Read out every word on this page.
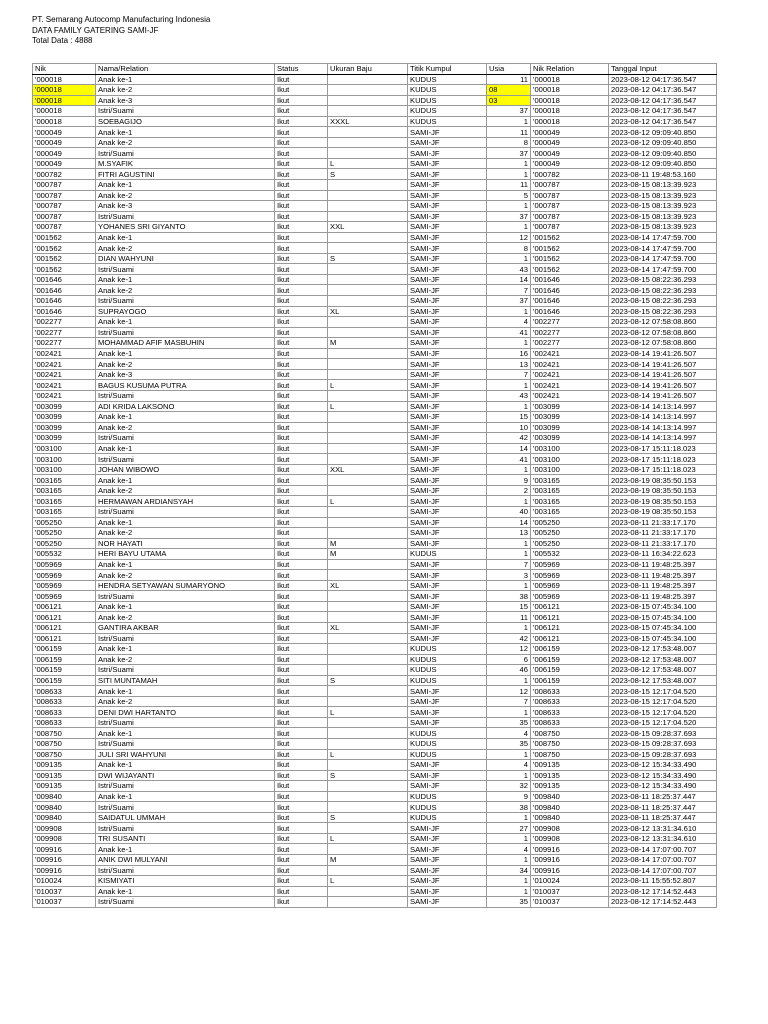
PT. Semarang Autocomp Manufacturing Indonesia
DATA FAMILY GATERING SAMI-JF
Total Data : 4888
Nik	Nama/Relation	Status	Ukuran Baju	Titik Kumpul	Usia	Nik Relation	Tanggal Input
'000018	Anak ke-1	Ikut		KUDUS	11	'000018	2023-08-12 04:17:36.547
'000018	Anak ke-2	Ikut		KUDUS	08	'000018	2023-08-12 04:17:36.547
'000018	Anak ke-3	Ikut		KUDUS	03	'000018	2023-08-12 04:17:36.547
'000018	Istri/Suami	Ikut		KUDUS	37	'000018	2023-08-12 04:17:36.547
'000018	SOEBAGIJO	Ikut	XXXL	KUDUS	1	'000018	2023-08-12 04:17:36.547
'000049	Anak ke-1	Ikut		SAMI-JF	11	'000049	2023-08-12 09:09:40.850
'000049	Anak ke-2	Ikut		SAMI-JF	8	'000049	2023-08-12 09:09:40.850
'000049	Istri/Suami	Ikut		SAMI-JF	37	'000049	2023-08-12 09:09:40.850
'000049	M.SYAFIK	Ikut	L	SAMI-JF	1	'000049	2023-08-12 09:09:40.850
'000782	FITRI AGUSTINI	Ikut	S	SAMI-JF	1	'000782	2023-08-11 19:48:53.160
'000787	Anak ke-1	Ikut		SAMI-JF	11	'000787	2023-08-15 08:13:39.923
'000787	Anak ke-2	Ikut		SAMI-JF	5	'000787	2023-08-15 08:13:39.923
'000787	Anak ke-3	Ikut		SAMI-JF	1	'000787	2023-08-15 08:13:39.923
'000787	Istri/Suami	Ikut		SAMI-JF	37	'000787	2023-08-15 08:13:39.923
'000787	YOHANES SRI GIYANTO	Ikut	XXL	SAMI-JF	1	'000787	2023-08-15 08:13:39.923
'001562	Anak ke-1	Ikut		SAMI-JF	12	'001562	2023-08-14 17:47:59.700
'001562	Anak ke-2	Ikut		SAMI-JF	8	'001562	2023-08-14 17:47:59.700
'001562	DIAN WAHYUNI	Ikut	S	SAMI-JF	1	'001562	2023-08-14 17:47:59.700
'001562	Istri/Suami	Ikut		SAMI-JF	43	'001562	2023-08-14 17:47:59.700
'001646	Anak ke-1	Ikut		SAMI-JF	14	'001646	2023-08-15 08:22:36.293
'001646	Anak ke-2	Ikut		SAMI-JF	7	'001646	2023-08-15 08:22:36.293
'001646	Istri/Suami	Ikut		SAMI-JF	37	'001646	2023-08-15 08:22:36.293
'001646	SUPRAYOGO	Ikut	XL	SAMI-JF	1	'001646	2023-08-15 08:22:36.293
'002277	Anak ke-1	Ikut		SAMI-JF	4	'002277	2023-08-12 07:58:08.860
'002277	Istri/Suami	Ikut		SAMI-JF	41	'002277	2023-08-12 07:58:08.860
'002277	MOHAMMAD AFIF MASBUHIN	Ikut	M	SAMI-JF	1	'002277	2023-08-12 07:58:08.860
'002421	Anak ke-1	Ikut		SAMI-JF	16	'002421	2023-08-14 19:41:26.507
'002421	Anak ke-2	Ikut		SAMI-JF	13	'002421	2023-08-14 19:41:26.507
'002421	Anak ke-3	Ikut		SAMI-JF	7	'002421	2023-08-14 19:41:26.507
'002421	BAGUS KUSUMA PUTRA	Ikut	L	SAMI-JF	1	'002421	2023-08-14 19:41:26.507
'002421	Istri/Suami	Ikut		SAMI-JF	43	'002421	2023-08-14 19:41:26.507
'003099	ADI KRIDA LAKSONO	Ikut	L	SAMI-JF	1	'003099	2023-08-14 14:13:14.997
'003099	Anak ke-1	Ikut		SAMI-JF	15	'003099	2023-08-14 14:13:14.997
'003099	Anak ke-2	Ikut		SAMI-JF	10	'003099	2023-08-14 14:13:14.997
'003099	Istri/Suami	Ikut		SAMI-JF	42	'003099	2023-08-14 14:13:14.997
'003100	Anak ke-1	Ikut		SAMI-JF	14	'003100	2023-08-17 15:11:18.023
'003100	Istri/Suami	Ikut		SAMI-JF	41	'003100	2023-08-17 15:11:18.023
'003100	JOHAN WIBOWO	Ikut	XXL	SAMI-JF	1	'003100	2023-08-17 15:11:18.023
'003165	Anak ke-1	Ikut		SAMI-JF	9	'003165	2023-08-19 08:35:50.153
'003165	Anak ke-2	Ikut		SAMI-JF	2	'003165	2023-08-19 08:35:50.153
'003165	HERMAWAN ARDIANSYAH	Ikut	L	SAMI-JF	1	'003165	2023-08-19 08:35:50.153
'003165	Istri/Suami	Ikut		SAMI-JF	40	'003165	2023-08-19 08:35:50.153
'005250	Anak ke-1	Ikut		SAMI-JF	14	'005250	2023-08-11 21:33:17.170
'005250	Anak ke-2	Ikut		SAMI-JF	13	'005250	2023-08-11 21:33:17.170
'005250	NOR HAYATI	Ikut	M	SAMI-JF	1	'005250	2023-08-11 21:33:17.170
'005532	HERI BAYU UTAMA	Ikut	M	KUDUS	1	'005532	2023-08-11 16:34:22.623
'005969	Anak ke-1	Ikut		SAMI-JF	7	'005969	2023-08-11 19:48:25.397
'005969	Anak ke-2	Ikut		SAMI-JF	3	'005969	2023-08-11 19:48:25.397
'005969	HENDRA SETYAWAN SUMARYONO	Ikut	XL	SAMI-JF	1	'005969	2023-08-11 19:48:25.397
'005969	Istri/Suami	Ikut		SAMI-JF	38	'005969	2023-08-11 19:48:25.397
'006121	Anak ke-1	Ikut		SAMI-JF	15	'006121	2023-08-15 07:45:34.100
'006121	Anak ke-2	Ikut		SAMI-JF	11	'006121	2023-08-15 07:45:34.100
'006121	GANTIRA AKBAR	Ikut	XL	SAMI-JF	1	'006121	2023-08-15 07:45:34.100
'006121	Istri/Suami	Ikut		SAMI-JF	42	'006121	2023-08-15 07:45:34.100
'006159	Anak ke-1	Ikut		KUDUS	12	'006159	2023-08-12 17:53:48.007
'006159	Anak ke-2	Ikut		KUDUS	6	'006159	2023-08-12 17:53:48.007
'006159	Istri/Suami	Ikut		KUDUS	46	'006159	2023-08-12 17:53:48.007
'006159	SITI MUNTAMAH	Ikut	S	KUDUS	1	'006159	2023-08-12 17:53:48.007
'008633	Anak ke-1	Ikut		SAMI-JF	12	'008633	2023-08-15 12:17:04.520
'008633	Anak ke-2	Ikut		SAMI-JF	7	'008633	2023-08-15 12:17:04.520
'008633	DENI DWI HARTANTO	Ikut	L	SAMI-JF	1	'008633	2023-08-15 12:17:04.520
'008633	Istri/Suami	Ikut		SAMI-JF	35	'008633	2023-08-15 12:17:04.520
'008750	Anak ke-1	Ikut		KUDUS	4	'008750	2023-08-15 09:28:37.693
'008750	Istri/Suami	Ikut		KUDUS	35	'008750	2023-08-15 09:28:37.693
'008750	JULI SRI WAHYUNI	Ikut	L	KUDUS	1	'008750	2023-08-15 09:28:37.693
'009135	Anak ke-1	Ikut		SAMI-JF	4	'009135	2023-08-12 15:34:33.490
'009135	DWI WIJAYANTI	Ikut	S	SAMI-JF	1	'009135	2023-08-12 15:34:33.490
'009135	Istri/Suami	Ikut		SAMI-JF	32	'009135	2023-08-12 15:34:33.490
'009840	Anak ke-1	Ikut		KUDUS	9	'009840	2023-08-11 18:25:37.447
'009840	Istri/Suami	Ikut		KUDUS	38	'009840	2023-08-11 18:25:37.447
'009840	SAIDATUL UMMAH	Ikut	S	KUDUS	1	'009840	2023-08-11 18:25:37.447
'009908	Istri/Suami	Ikut		SAMI-JF	27	'009908	2023-08-12 13:31:34.610
'009908	TRI SUSANTI	Ikut	L	SAMI-JF	1	'009908	2023-08-12 13:31:34.610
'009916	Anak ke-1	Ikut		SAMI-JF	4	'009916	2023-08-14 17:07:00.707
'009916	ANIK DWI MULYANI	Ikut	M	SAMI-JF	1	'009916	2023-08-14 17:07:00.707
'009916	Istri/Suami	Ikut		SAMI-JF	34	'009916	2023-08-14 17:07:00.707
'010024	KISMIYATI	Ikut	L	SAMI-JF	1	'010024	2023-08-11 15:55:52.807
'010037	Anak ke-1	Ikut		SAMI-JF	1	'010037	2023-08-12 17:14:52.443
'010037	Istri/Suami	Ikut		SAMI-JF	35	'010037	2023-08-12 17:14:52.443
